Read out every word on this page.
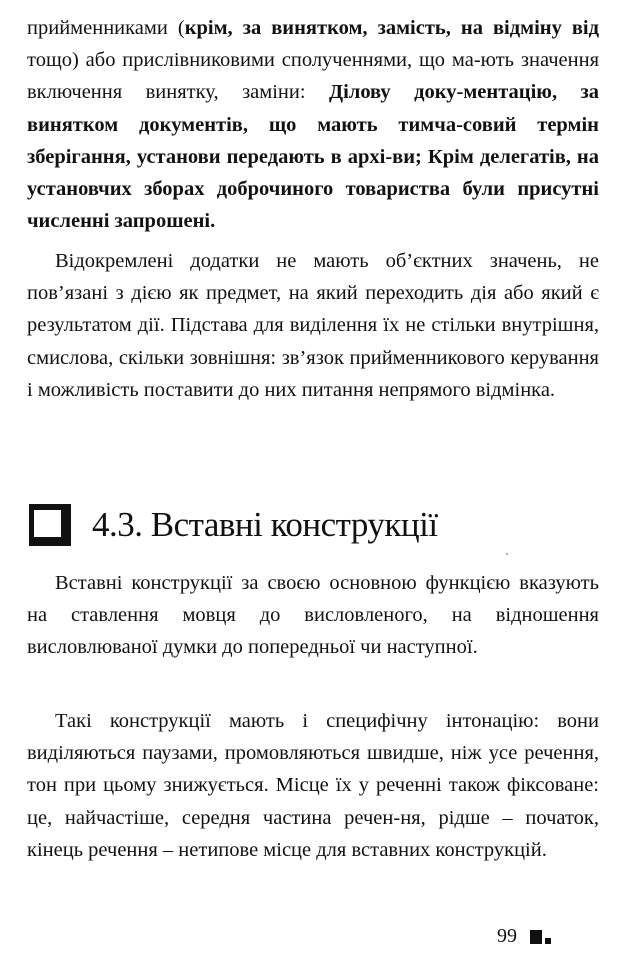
прийменниками (крім, за винятком, замість, на відміну від тощо) або прислівниковими сполученнями, що ма-ють значення включення винятку, заміни: Ділову доку-ментацію, за винятком документів, що мають тимча-совий термін зберігання, установи передають в архі-ви; Крім делегатів, на установчих зборах доброчиного товариства були присутні численні запрошені.

Відокремлені додатки не мають об’єктних значень, не пов’язані з дією як предмет, на який переходить дія або який є результатом дії. Підстава для виділення їх не стільки внутрішня, смислова, скільки зовнішня: зв’язок прийменникового керування і можливість поставити до них питання непрямого відмінка.

4.3. Вставні конструкції

Вставні конструкції за своєю основною функцією вказують на ставлення мовця до висловленого, на відношення висловлюваної думки до попередньої чи наступної.

Такі конструкції мають і специфічну інтонацію: вони виділяються паузами, промовляються швидше, ніж усе речення, тон при цьому знижується. Місце їх у реченні також фіксоване: це, найчастіше, середня частина речен-ня, рідше – початок, кінець речення – нетипове місце для вставних конструкцій.

99
